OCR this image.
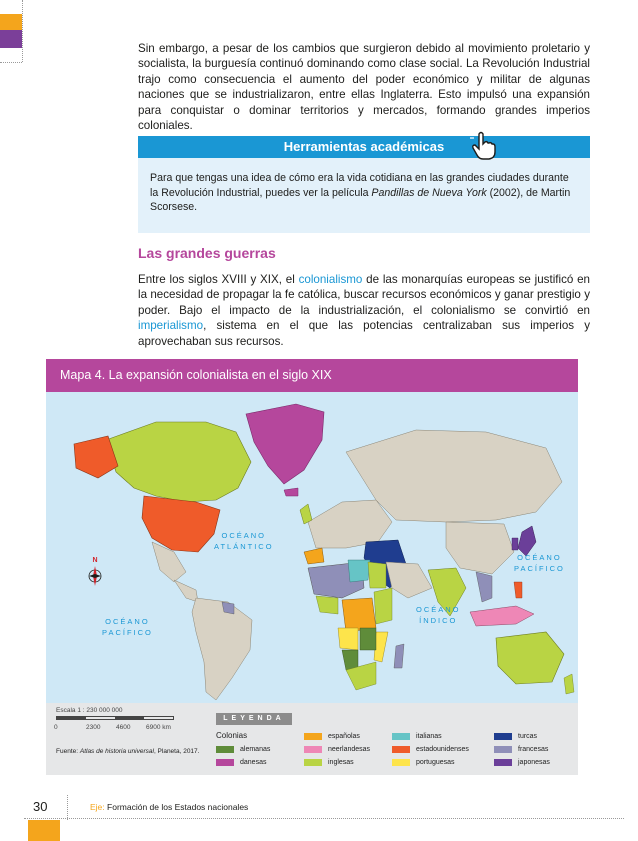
Sin embargo, a pesar de los cambios que surgieron debido al movimiento proletario y socialista, la burguesía continuó dominando como clase social. La Revolución Industrial trajo como consecuencia el aumento del poder económico y militar de algunas naciones que se industrializaron, entre ellas Inglaterra. Esto impulsó una expansión para conquistar o dominar territorios y mercados, formando grandes imperios coloniales.

Herramientas académicas

Para que tengas una idea de cómo era la vida cotidiana en las grandes ciudades durante la Revolución Industrial, puedes ver la película Pandillas de Nueva York (2002), de Martin Scorsese.

Las grandes guerras

Entre los siglos XVIII y XIX, el colonialismo de las monarquías europeas se justificó en la necesidad de propagar la fe católica, buscar recursos económicos y ganar prestigio y poder. Bajo el impacto de la industrialización, el colonialismo se convirtió en imperialismo, sistema en el que las potencias centralizaban sus imperios y aprovechaban sus recursos.

Mapa 4. La expansión colonialista en el siglo XIX
N
OCÉANO
ATLÁNTICO
OCÉANO
PACÍFICO
OCÉANO
PACÍFICO
OCÉANO
ÍNDICO
Escala 1 : 230 000 000
0	2300 4600 6900 km
Fuente: Atlas de historia universal, Planeta, 2017.
LEYENDA
Colonias
alemanas
danesas
españolas
neerlandesas
inglesas
italianas
estadounidenses
portuguesas
turcas
francesas
japonesas
30	Eje: Formación de los Estados nacionales
